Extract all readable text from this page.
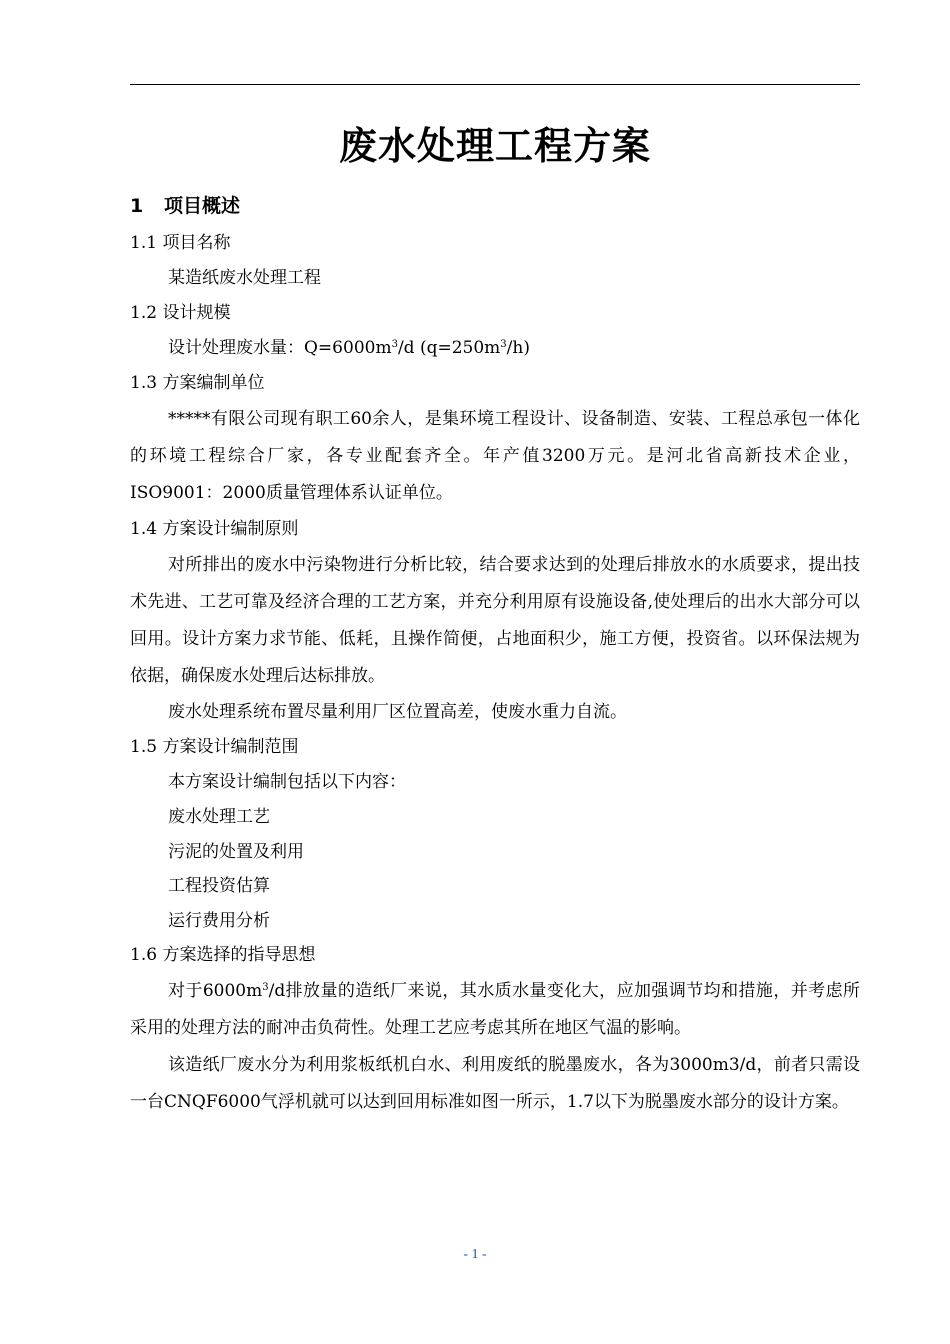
废水处理工程方案
1 项目概述
1.1 项目名称
某造纸废水处理工程
1.2 设计规模
设计处理废水量：$Q=6000m^3/d$ $(q=250m^3/h)$
1.3 方案编制单位
*****有限公司现有职工60余人，是集环境工程设计、设备制造、安装、工程总承包一体化的环境工程综合厂家，各专业配套齐全。年产值3200万元。是河北省高新技术企业，ISO9001：2000质量管理体系认证单位。
1.4 方案设计编制原则
对所排出的废水中污染物进行分析比较，结合要求达到的处理后排放水的水质要求，提出技术先进、工艺可靠及经济合理的工艺方案，并充分利用原有设施设备,使处理后的出水大部分可以回用。设计方案力求节能、低耗，且操作简便，占地面积少，施工方便，投资省。以环保法规为依据，确保废水处理后达标排放。
废水处理系统布置尽量利用厂区位置高差，使废水重力自流。
1.5 方案设计编制范围
本方案设计编制包括以下内容：
废水处理工艺
污泥的处置及利用
工程投资估算
运行费用分析
1.6 方案选择的指导思想
对于$6000m^3/d$排放量的造纸厂来说，其水质水量变化大，应加强调节均和措施，并考虑所采用的处理方法的耐冲击负荷性。处理工艺应考虑其所在地区气温的影响。
该造纸厂废水分为利用浆板纸机白水、利用废纸的脱墨废水，各为3000m3/d，前者只需设一台CNQF6000气浮机就可以达到回用标准如图一所示，1.7以下为脱墨废水部分的设计方案。
- 1 -
